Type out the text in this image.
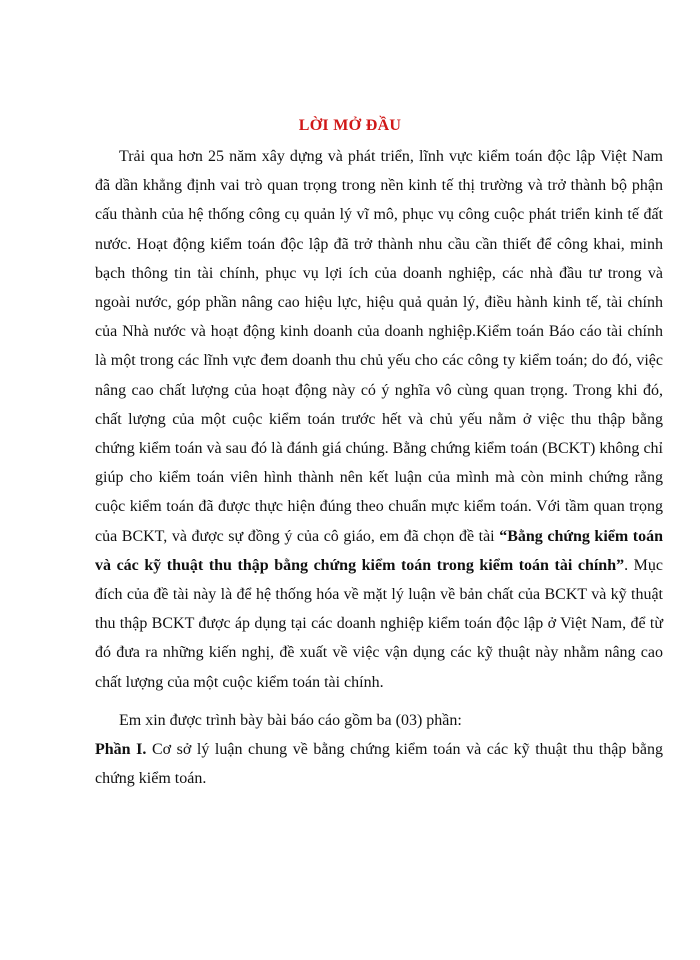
LỜI MỞ ĐẦU

Trải qua hơn 25 năm xây dựng và phát triển, lĩnh vực kiểm toán độc lập Việt Nam đã dần khẳng định vai trò quan trọng trong nền kinh tế thị trường và trở thành bộ phận cấu thành của hệ thống công cụ quản lý vĩ mô, phục vụ công cuộc phát triển kinh tế đất nước. Hoạt động kiểm toán độc lập đã trở thành nhu cầu cần thiết để công khai, minh bạch thông tin tài chính, phục vụ lợi ích của doanh nghiệp, các nhà đầu tư trong và ngoài nước, góp phần nâng cao hiệu lực, hiệu quả quản lý, điều hành kinh tế, tài chính của Nhà nước và hoạt động kinh doanh của doanh nghiệp.Kiểm toán Báo cáo tài chính là một trong các lĩnh vực đem doanh thu chủ yếu cho các công ty kiểm toán; do đó, việc nâng cao chất lượng của hoạt động này có ý nghĩa vô cùng quan trọng. Trong khi đó, chất lượng của một cuộc kiểm toán trước hết và chủ yếu nằm ở việc thu thập bằng chứng kiểm toán và sau đó là đánh giá chúng. Bằng chứng kiểm toán (BCKT) không chỉ giúp cho kiểm toán viên hình thành nên kết luận của mình mà còn minh chứng rằng cuộc kiểm toán đã được thực hiện đúng theo chuẩn mực kiểm toán. Với tầm quan trọng của BCKT, và được sự đồng ý của cô giáo, em đã chọn đề tài “Bằng chứng kiểm toán và các kỹ thuật thu thập bằng chứng kiểm toán trong kiểm toán tài chính”. Mục đích của đề tài này là để hệ thống hóa về mặt lý luận về bản chất của BCKT và kỹ thuật thu thập BCKT được áp dụng tại các doanh nghiệp kiểm toán độc lập ở Việt Nam, để từ đó đưa ra những kiến nghị, đề xuất về việc vận dụng các kỹ thuật này nhằm nâng cao chất lượng của một cuộc kiểm toán tài chính.

Em xin được trình bày bài báo cáo gồm ba (03) phần:

Phần I. Cơ sở lý luận chung về bằng chứng kiểm toán và các kỹ thuật thu thập bằng chứng kiểm toán.
